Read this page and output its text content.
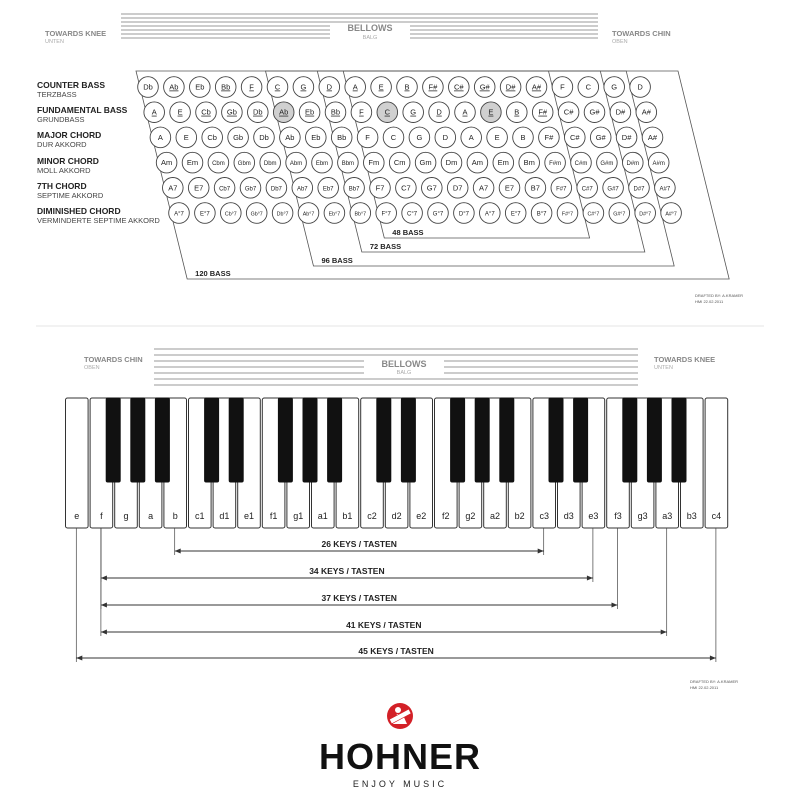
48 BASS
72 BASS
96 BASS
120 BASS
Db Ab Eb Bb	F	C	G	D	A	E	B	F# C# G# D# A#	F	C	G	D
A	E Cb Gb Db Ab Eb Bb	F	C	G	D	A	E	B	F# C# G# D# A#
A	E Cb Gb Db Ab Eb Bb	F	C	G	D	A	E	B	F# C# G# D# A#
Am Em Cbm Gbm Dbm Abm Ebm Bbm Fm Cm Gm Dm Am Em Bm F#m C#m G#m D#m A#m
A7 E7	Cb7 Gb7 Db7	Ab7	Eb7	Bb7 F7 C7 G7 D7 A7 E7 B7	F#7	C#7 G#7 D#7	A#7
A°7	E°7	Cb°7	Gb°7	Db°7	Ab°7	Eb°7	Bb°7	F°7	C°7	G°7	D°7	A°7	E°7	B°7	F#°7	C#°7	G#°7	D#°7	A#°7
e f g a b c1 d1 e1 f1 g1 a1 b1 c2 d2 e2 f2 g2 a2 b2 c3 d3 e3 f3 g3 a3 b3 c4
26 KEYS / TASTEN
34 KEYS / TASTEN
37 KEYS / TASTEN
41 KEYS / TASTEN
45 KEYS / TASTEN
TOWARDS KNEE
UNTEN
TOWARDS CHIN
OBEN
BELLOWS
BALG
COUNTER BASS
TERZBASS
FUNDAMENTAL BASS
GRUNDBASS
MAJOR CHORD
DUR AKKORD
MINOR CHORD
MOLL AKKORD
7TH CHORD
SEPTIME AKKORD
DIMINISHED CHORD
VERMINDERTE SEPTIME AKKORD
DRAFTED BY: A.KRAMER
HMI 22.02.2011
TOWARDS CHIN
OBEN
TOWARDS KNEE
UNTEN
BELLOWS
BALG
DRAFTED BY: A.KRAMER
HMI 22.02.2011
HOHNER
ENJOY MUSIC
